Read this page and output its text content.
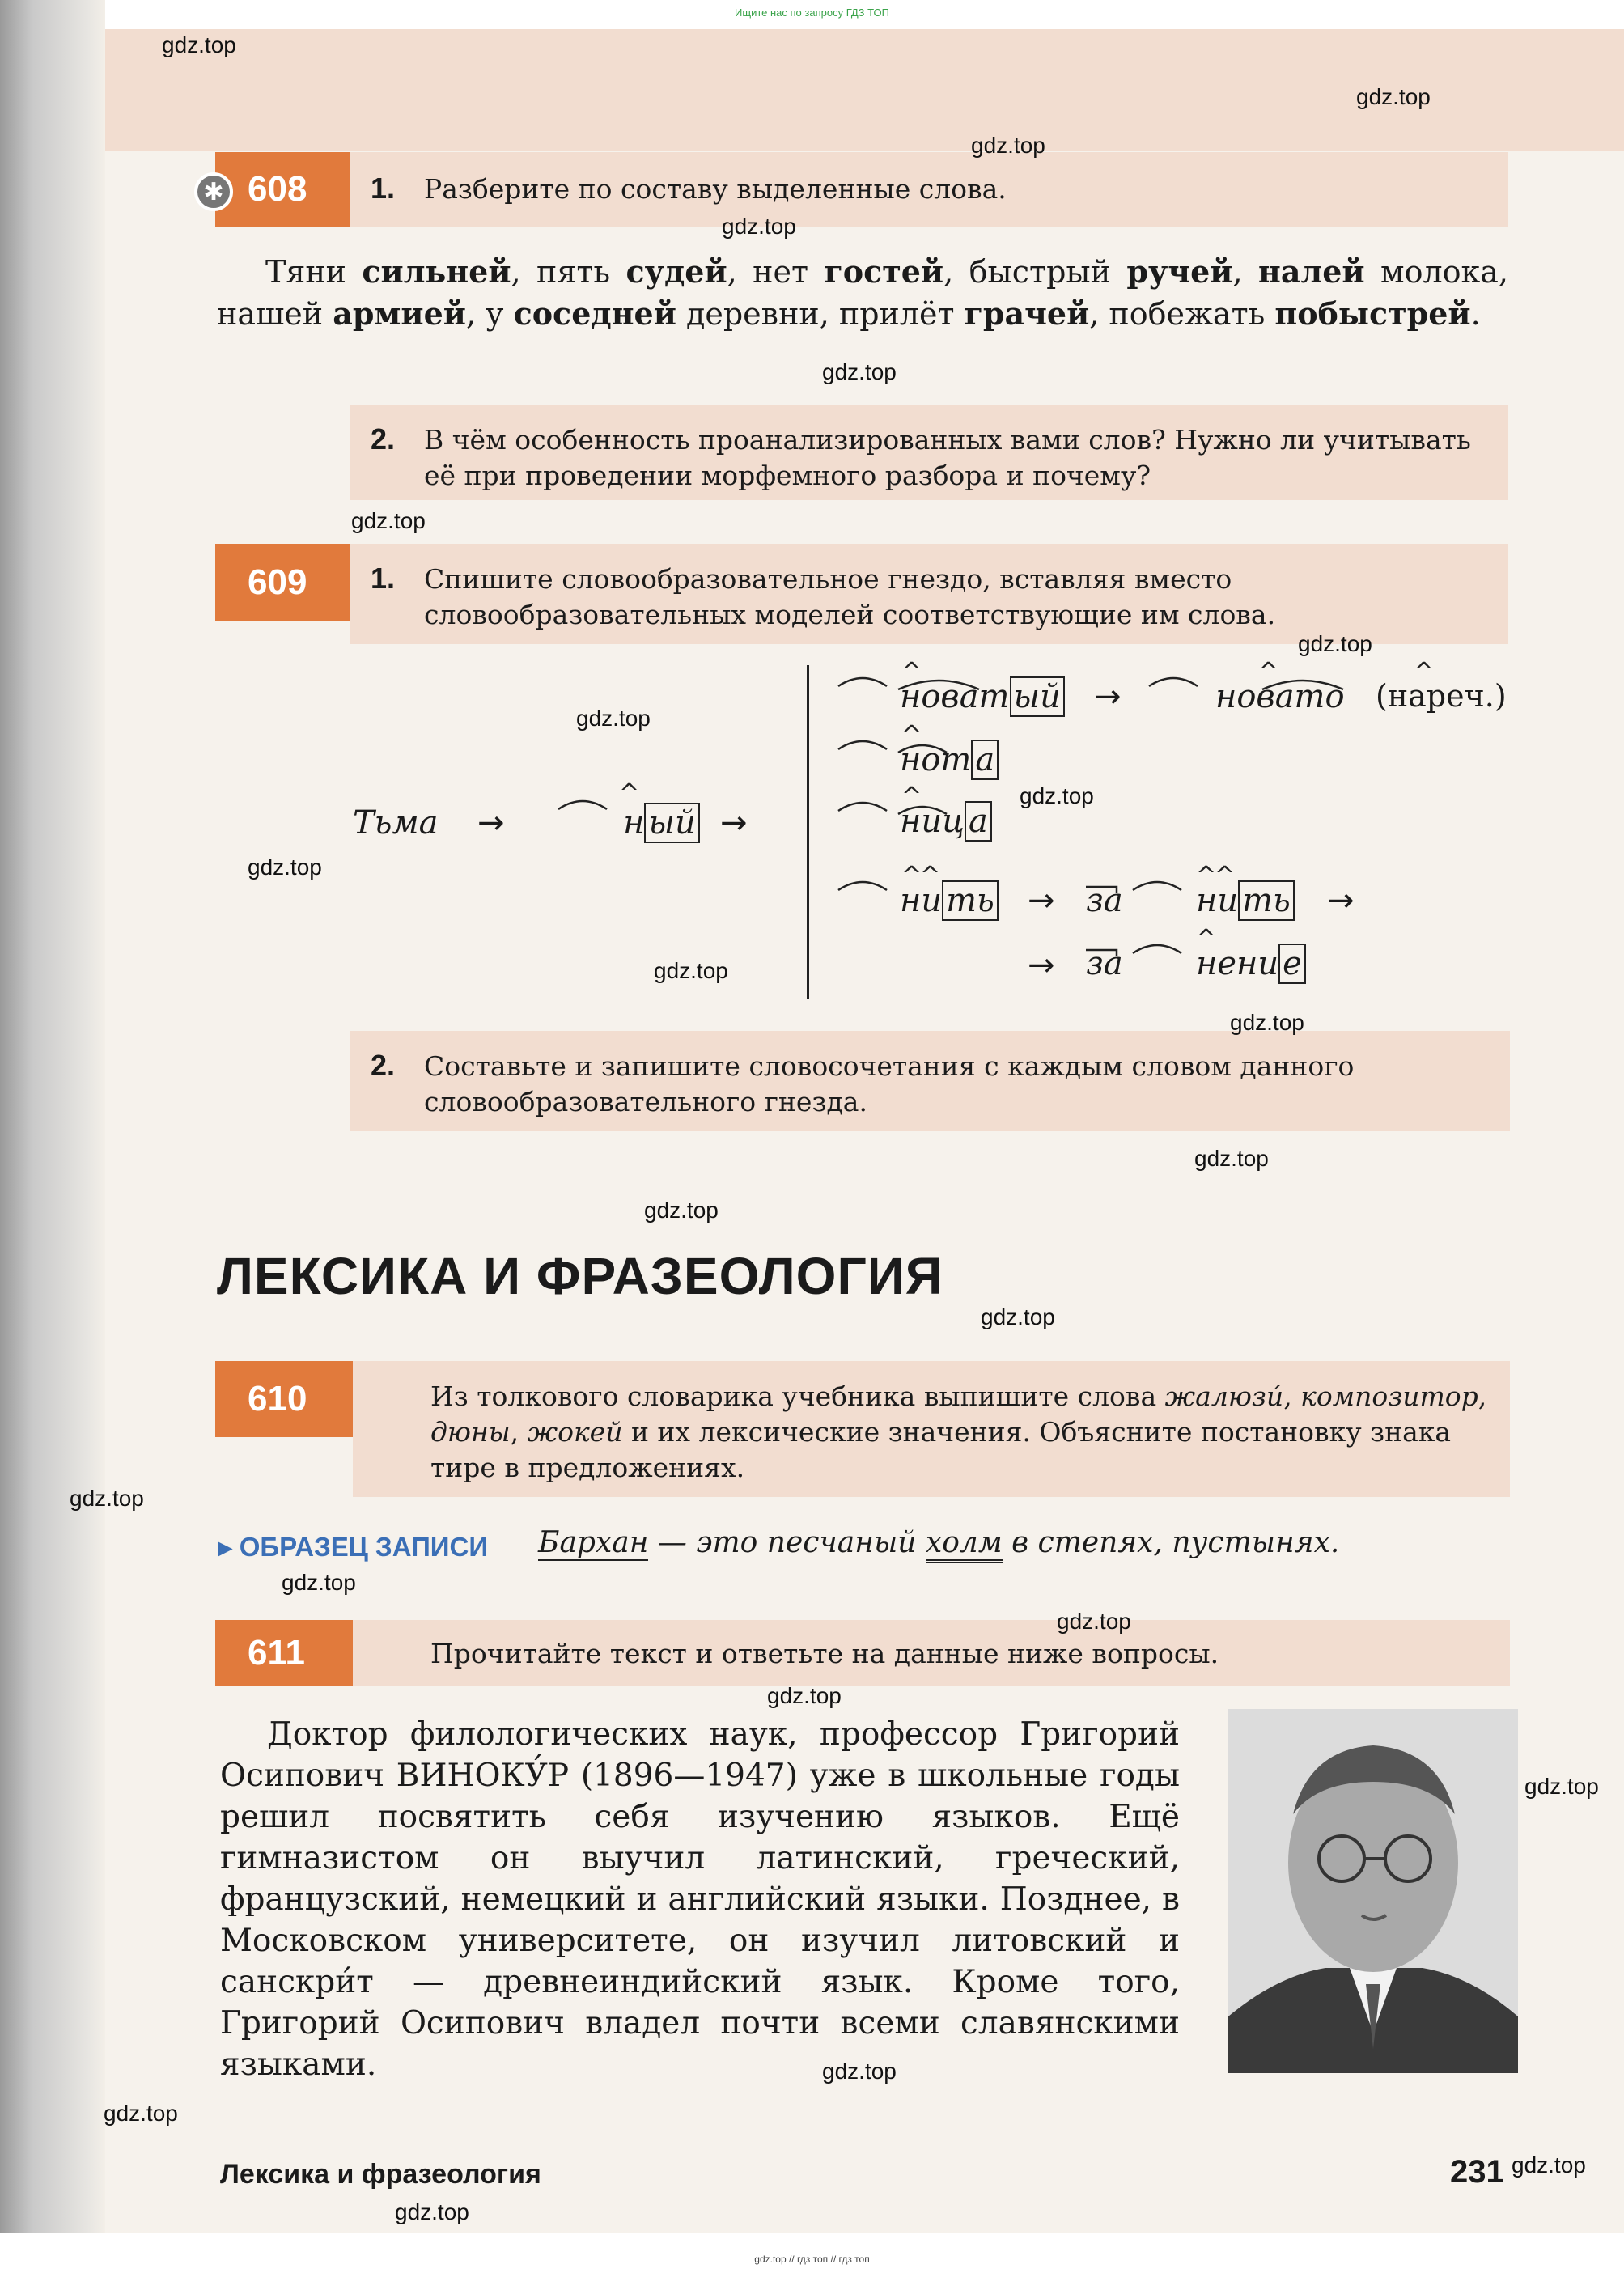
Ищите нас по запросу ГДЗ ТОП
608
✱	1. Разберите по составу выделенные слова.
Тяни сильней, пять судей, нет гостей, быстрый ручей, налей молока, нашей армией, у соседней деревни, прилёт грачей, побежать побыстрей.
2. В чём особенность проанализированных вами слов? Нужно ли учитывать её при проведении морфемного разбора и почему?
609	1. Спишите словообразовательное гнездо, вставляя вместо словообразовательных моделей соответствующие им слова.
^
^	^	^
^
^
^
^	^
^
^
Тьма →	н ый →
новат ый →	новато (нареч.)
нот а
ниц а
ни ть → за ни ть →
→ за нени е
2. Составьте и запишите словосочетания с каждым словом данного словообразовательного гнезда.
ЛЕКСИКА И ФРАЗЕОЛОГИЯ
610	Из толкового словарика учебника выпишите слова жалюзи́, композитор, дюны, жокей и их лексические значения. Объясните постановку знака тире в предложениях.
▸ ОБРАЗЕЦ ЗАПИСИ Бархан — это песчаный холм в степях, пустынях.
611	Прочитайте текст и ответьте на данные ниже вопросы.
Доктор филологических наук, профессор Григорий Осипович ВИНОКУ́Р (1896—1947) уже в школьные годы решил посвятить себя изучению языков. Ещё гимназистом он выучил латинский, греческий, французский, немецкий и английский языки. Позднее, в Московском университете, он изучил литовский и санскри́т — древнеиндийский язык. Кроме того, Григорий Осипович владел почти всеми славянскими языками.
Лексика и фразеология	231
gdz.top // гдз топ // гдз топ
gdz.top
gdz.top
gdz.top
gdz.top
gdz.top
gdz.top
gdz.top
gdz.top
gdz.top
gdz.top
gdz.top
gdz.top
gdz.top
gdz.top
gdz.top
gdz.top
gdz.top
gdz.top
gdz.top
gdz.top
gdz.top
gdz.top
gdz.top
gdz.top
